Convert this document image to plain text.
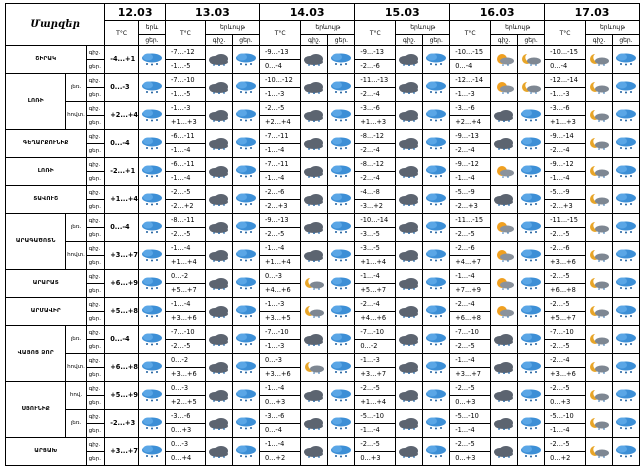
Մարզեր			12.03		13.03			14.03			15.03			16.03			17.03		
			T°C	երև	T°C	երևույթ		T°C	երևույթ		T°C	երևույթ		T°C	երևույթ		T°C	երևույթ	
				ցեր.		գիշ.	ցեր.		գիշ.	ցեր.		գիշ.	ցեր.		գիշ.	ցեր.		գիշ.	ցեր.
ՇԻՐԱԿ		գիշ.	-4...+1		-7...-12			-9...-13			-9...-13			-10...-15			-10...-15		
		ցեր.			-1...-5			0...-4			-2...-6			0...-4			0...-4		
ԼՈՌԻ	լեռ.	գիշ.	0...-3		-7...-10			-10...-12			-11...-13			-12...-14			-12...-14		
		ցեր.			-1...-5			-1...-3			-2...-4			-1...-3			-1...-3		
	հովտ.	գիշ.	+2...+4		-1...-3			-2...-5			-3...-6			-3...-6			-3...-6		
		ցեր.			+1...+3			+2...+4			+1...+3			+2...+4			+1...+3		
ԳԵՂԱՐՔՈՒՆԻՔ		գիշ.	0...-4		-6...-11			-7...-11			-8...-12			-9...-13			-9...-14		
		ցեր.			-1...-4			-1...-4			-2...-4			-2...-4			-2...-4		
ԼՈՌԻ		գիշ.	-2...+1		-6...-11			-7...-11			-8...-12			-9...-12			-9...-12		
		ցեր.			-1...-4			-1...-4			-2...-4			-1...-4			-1...-4		
ՏԱՎՈՒՇ		գիշ.	+1...+4		-2...-5			-2...-6			-4...-8			-5...-9			-5...-9		
		ցեր.			-2...+2			-2...+3			-3...+2			-2...+3			-2...+3		
ԱՐԱԳԱԾՈՏՆ	լեռ.	գիշ.	0...-4		-8...-11			-9...-13			-10...-14			-11...-15			-11...-15		
		ցեր.			-2...-5			-2...-5			-3...-5			-2...-5			-2...-5		
	հովտ.	գիշ.	+3...+7		-1...-4			-1...-4			-3...-5			-2...-6			-2...-6		
		ցեր.			+1...+4			+1...+4			+1...+4			+4...+7			+3...+6		
ԱՐԱՐԱՏ		գիշ.	+6...+9		0...-2			0...-3			-1...-4			-1...-4			-2...-5		
		ցեր.			+5...+7			+4...+6			+5...+7			+7...+9			+6...+8		
ԱՐՄԱՎԻՐ		գիշ.	+5...+8		-1...-4			-1...-3			-2...-4			-2...-4			-2...-5		
		ցեր.			+3...+6			+3...+5			+4...+6			+6...+8			+5...+7		
ՎԱՅՈՑ ՁՈՐ	լեռ.	գիշ.	0...-4		-7...-10			-7...-10			-7...-10			-7...-10			-7...-10		
		ցեր.			-2...-5			-1...-3			0...-2			-2...-5			-2...-5		
	հովտ.	գիշ.	+6...+8		0...-2			0...-3			-1...-3			-1...-4			-2...-4		
		ցեր.			+3...+6			+3...+6			+3...+7			+3...+7			+3...+6		
ՍՅՈՒՆԻՔ	հով.	գիշ.	+5...+9		0...-3			-1...-4			-2...-5			-2...-5			-2...-5		
		ցեր.			+2...+5			0...+3			+1...+4			0...+3			0...+3		
	լեռ.	գիշ.	-2...+3		-3...-6			-3...-6			-5...-10			-5...-10			-5...-10		
		ցեր.			0...+3			0...-4			-1...-4			-1...-4			-1...-4		
ԱՐՑԱԽ		գիշ.	+3...+7		0...-3			-1...-4			-2...-5			-2...-5			-2...-5		
		ցեր.			0...+4			0...+2			0...+3			0...+3			0...+2		
